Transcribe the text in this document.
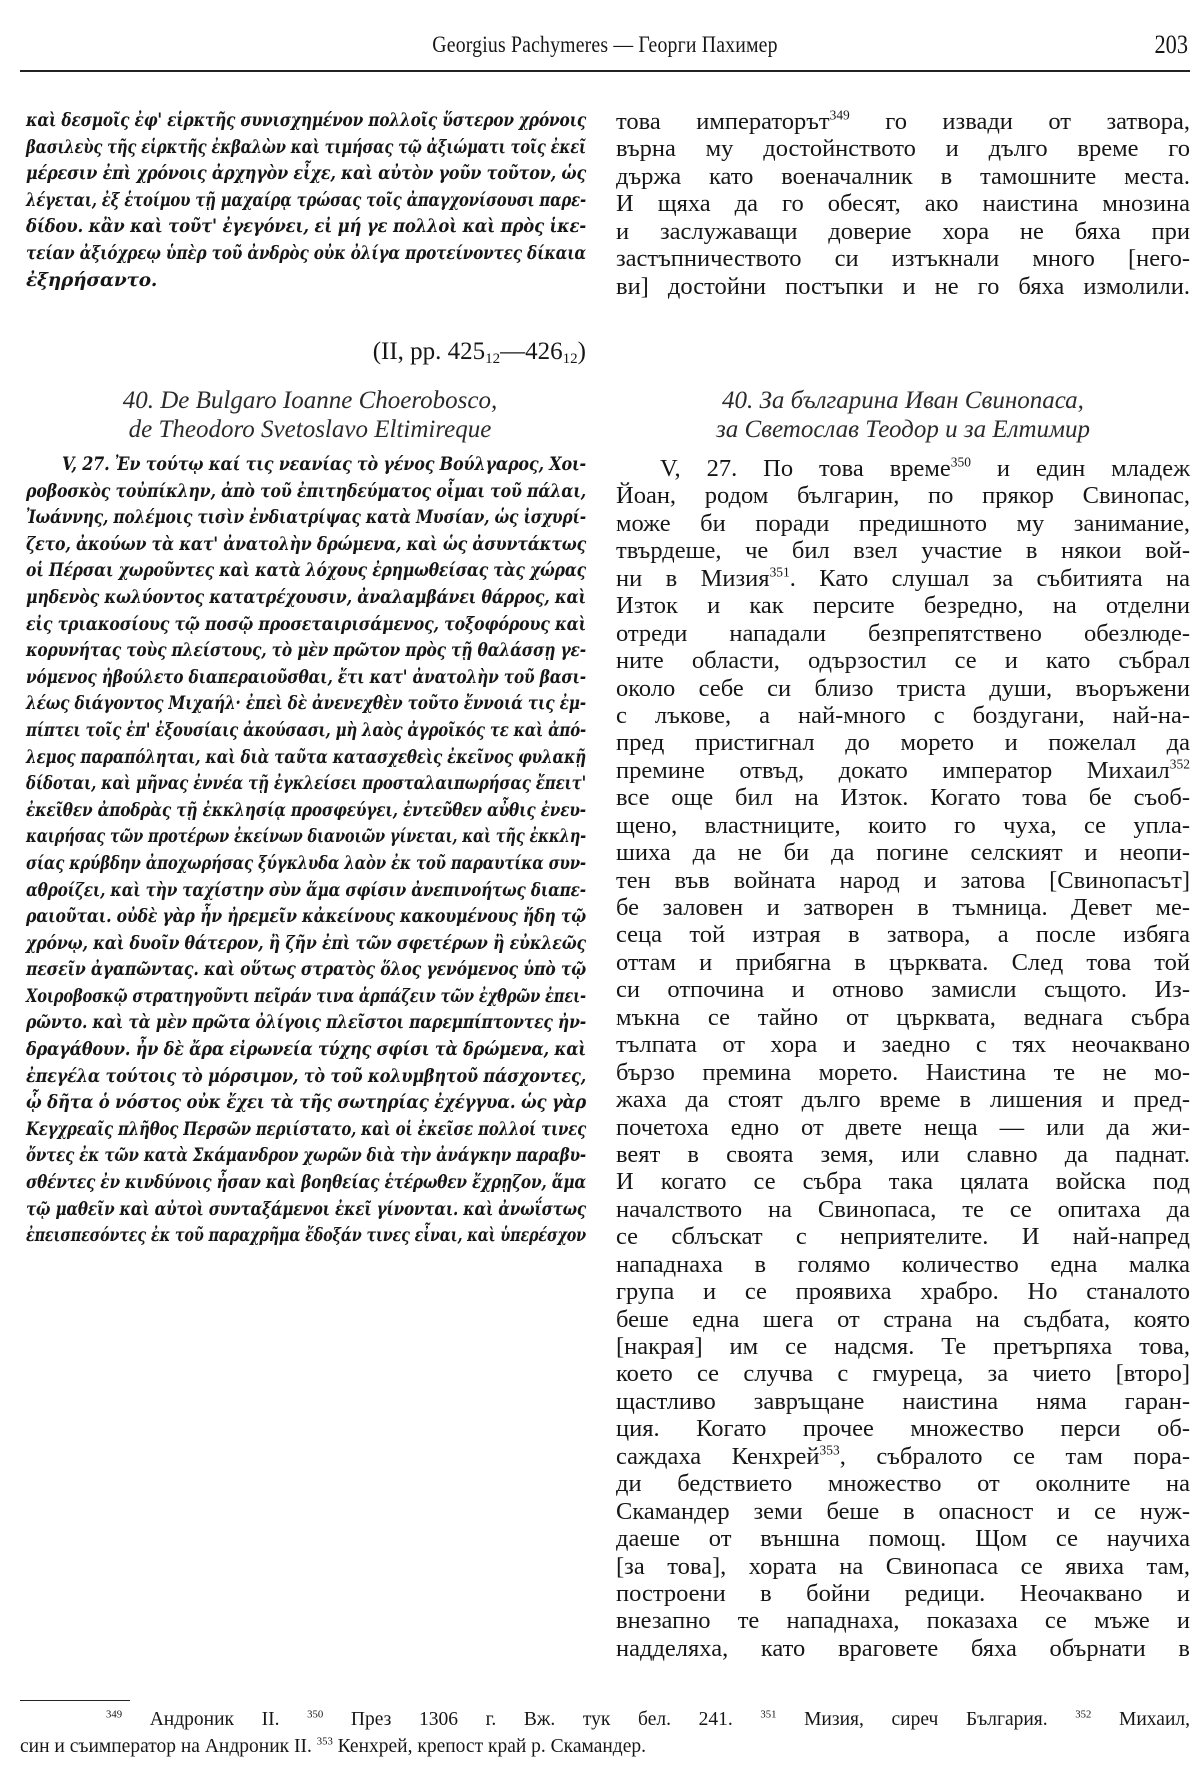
Georgius Pachymeres — Георги Пахимер	203
καὶ δεσμοῖς ἐφ' εἱρκτῆς συνισχημένον πολλοῖς ὕστερον χρόνοις
βασιλεὺς τῆς εἱρκτῆς ἐκβαλὼν καὶ τιμήσας τῷ ἀξιώματι τοῖς ἐκεῖ
μέρεσιν ἐπὶ χρόνοις ἀρχηγὸν εἶχε, καὶ αὐτὸν γοῦν τοῦτον, ὡς
λέγεται, ἐξ ἑτοίμου τῇ μαχαίρᾳ τρώσας τοῖς ἀπαγχονίσουσι παρε-
δίδου. κἂν καὶ τοῦτ' ἐγεγόνει, εἰ μή γε πολλοὶ καὶ πρὸς ἱκε-
τείαν ἀξιόχρεῳ ὑπὲρ τοῦ ἀνδρὸς οὐκ ὀλίγα προτείνοντες δίκαια
ἐξηρήσαντο.
(II, pp. $425_{12}—426_{12}$)
40. De Bulgaro Ioanne Choerobosco,
de Theodoro Svetoslavo Eltimireque
V, 27. Ἐν τούτῳ καί τις νεανίας τὸ γένος Βούλγαρος, Χοι-
ροβοσκὸς τοὐπίκλην, ἀπὸ τοῦ ἐπιτηδεύματος οἶμαι τοῦ πάλαι,
Ἰωάννης, πολέμοις τισὶν ἐνδιατρίψας κατὰ Μυσίαν, ὡς ἰσχυρί-
ζετο, ἀκούων τὰ κατ' ἀνατολὴν δρώμενα, καὶ ὡς ἀσυντάκτως
οἱ Πέρσαι χωροῦντες καὶ κατὰ λόχους ἐρημωθείσας τὰς χώρας
μηδενὸς κωλύοντος κατατρέχουσιν, ἀναλαμβάνει θάρρος, καὶ
εἰς τριακοσίους τῷ ποσῷ προσεταιρισάμενος, τοξοφόρους καὶ
κορυνήτας τοὺς πλείστους, τὸ μὲν πρῶτον πρὸς τῇ θαλάσσῃ γε-
νόμενος ἠβούλετο διαπεραιοῦσθαι, ἔτι κατ' ἀνατολὴν τοῦ βασι-
λέως διάγοντος Μιχαήλ· ἐπεὶ δὲ ἀνενεχθὲν τοῦτο ἔννοιά τις ἐμ-
πίπτει τοῖς ἐπ' ἐξουσίαις ἀκούσασι, μὴ λαὸς ἀγροῖκός τε καὶ ἀπό-
λεμος παραπόληται, καὶ διὰ ταῦτα κατασχεθεὶς ἐκεῖνος φυλακῇ
δίδοται, καὶ μῆνας ἐννέα τῇ ἐγκλείσει προσταλαιπωρήσας ἔπειτ'
ἐκεῖθεν ἀποδρὰς τῇ ἐκκλησίᾳ προσφεύγει, ἐντεῦθεν αὖθις ἐνευ-
καιρήσας τῶν προτέρων ἐκείνων διανοιῶν γίνεται, καὶ τῆς ἐκκλη-
σίας κρύβδην ἀποχωρήσας ξύγκλυδα λαὸν ἐκ τοῦ παραυτίκα συν-
αθροίζει, καὶ τὴν ταχίστην σὺν ἅμα σφίσιν ἀνεπινοήτως διαπε-
ραιοῦται. οὐδὲ γὰρ ἦν ἠρεμεῖν κἀκείνους κακουμένους ἤδη τῷ
χρόνῳ, καὶ δυοῖν θάτερον, ἢ ζῆν ἐπὶ τῶν σφετέρων ἢ εὐκλεῶς
πεσεῖν ἀγαπῶντας. καὶ οὕτως στρατὸς ὅλος γενόμενος ὑπὸ τῷ
Χοιροβοσκῷ στρατηγοῦντι πεῖράν τινα ἁρπάζειν τῶν ἐχθρῶν ἐπει-
ρῶντο. καὶ τὰ μὲν πρῶτα ὀλίγοις πλεῖστοι παρεμπίπτοντες ἠν-
δραγάθουν. ἦν δὲ ἄρα εἰρωνεία τύχης σφίσι τὰ δρώμενα, καὶ
ἐπεγέλα τούτοις τὸ μόρσιμον, τὸ τοῦ κολυμβητοῦ πάσχοντες,
ᾧ δῆτα ὁ νόστος οὐκ ἔχει τὰ τῆς σωτηρίας ἐχέγγυα. ὡς γὰρ
Κεγχρεαῖς πλῆθος Περσῶν περιίστατο, καὶ οἱ ἐκεῖσε πολλοί τινες
ὄντες ἐκ τῶν κατὰ Σκάμανδρον χωρῶν διὰ τὴν ἀνάγκην παραβυ-
σθέντες ἐν κινδύνοις ἦσαν καὶ βοηθείας ἑτέρωθεν ἔχρῃζον, ἅμα
τῷ μαθεῖν καὶ αὐτοὶ συνταξάμενοι ἐκεῖ γίνονται. καὶ ἀνωΐστως
ἐπεισπεσόντες ἐκ τοῦ παραχρῆμα ἔδοξάν τινες εἶναι, καὶ ὑπερέσχον
това императорът$^{349}$ го извади от затвора,
върна му достойнството и дълго време го
държа като военачалник в тамошните места.
И щяха да го обесят, ако наистина мнозина
и заслужаващи доверие хора не бяха при
застъпничеството си изтъкнали много [него-
ви] достойни постъпки и не го бяха измолили.
40. За българина Иван Свинопаса,
за Светослав Теодор и за Елтимир
V, 27. По това време$^{350}$ и един младеж
Йоан, родом българин, по прякор Свинопас,
може би поради предишното му занимание,
твърдеше, че бил взел участие в някои вой-
ни в Мизия$^{351}$. Като слушал за събитията на
Изток и как персите безредно, на отделни
отреди нападали безпрепятствено обезлюде-
ните области, одързостил се и като събрал
около себе си близо триста души, въоръжени
с лъкове, а най-много с боздугани, най-на-
пред пристигнал до морето и пожелал да
премине отвъд, докато император Михаил$^{352}$
все още бил на Изток. Когато това бе съоб-
щено, властниците, които го чуха, се упла-
шиха да не би да погине селският и неопи-
тен във войната народ и затова [Свинопасът]
бе заловен и затворен в тъмница. Девет ме-
сеца той изтрая в затвора, а после избяга
оттам и прибягна в църквата. След това той
си отпочина и отново замисли същото. Из-
мъкна се тайно от църквата, веднага събра
тълпата от хора и заедно с тях неочаквано
бързо премина морето. Наистина те не мо-
жаха да стоят дълго време в лишения и пред-
почетоха едно от двете неща — или да жи-
веят в своята земя, или славно да паднат.
И когато се събра така цялата войска под
началството на Свинопаса, те се опитаха да
се сблъскат с неприятелите. И най-напред
нападнаха в голямо количество една малка
група и се проявиха храбро. Но станалото
беше една шега от страна на съдбата, която
[накрая] им се надсмя. Те претърпяха това,
което се случва с гмуреца, за чието [второ]
щастливо завръщане наистина няма гаран-
ция. Когато прочее множество перси об-
саждаха Кенхрей$^{353}$, събралото се там пора-
ди бедствието множество от околните на
Скамандер земи беше в опасност и се нуж-
даеше от външна помощ. Щом се научиха
[за това], хората на Свинопаса се явиха там,
построени в бойни редици. Неочаквано и
внезапно те нападнаха, показаха се мъже и
надделяха, като враговете бяха обърнати в
$^{349}$ Андроник II. $^{350}$ През 1306 г. Вж. тук бел. 241. $^{351}$ Мизия, сиреч България. $^{352}$ Михаил,
син и съимператор на Андроник II. $^{353}$ Кенхрей, крепост край р. Скамандер.
